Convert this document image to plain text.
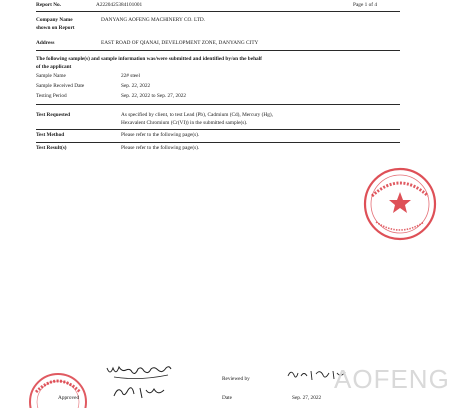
Report No.	A2220425384101001	Page 1 of 4
Company Name
shown on Report
DANYANG AOFENG MACHINERY CO. LTD.
Address	EAST ROAD OF QIANAI, DEVELOPMENT ZONE, DANYANG CITY
The following sample(s) and sample information was/were submitted and identified by/on the behalf
of the applicant
Sample Name	22# steel
Sample Received Date	Sep. 22, 2022
Testing Period	Sep. 22, 2022 to Sep. 27, 2022
Test Requested	As specified by client, to test Lead (Pb), Cadmium (Cd), Mercury (Hg),
Hexavalent Chromium (Cr(VI)) in the submitted sample(s).
Test Method	Please refer to the following page(s).
Test Result(s)	Please refer to the following page(s).
Reviewed by
Date	Sep. 27, 2022
Approved
AOFENG
